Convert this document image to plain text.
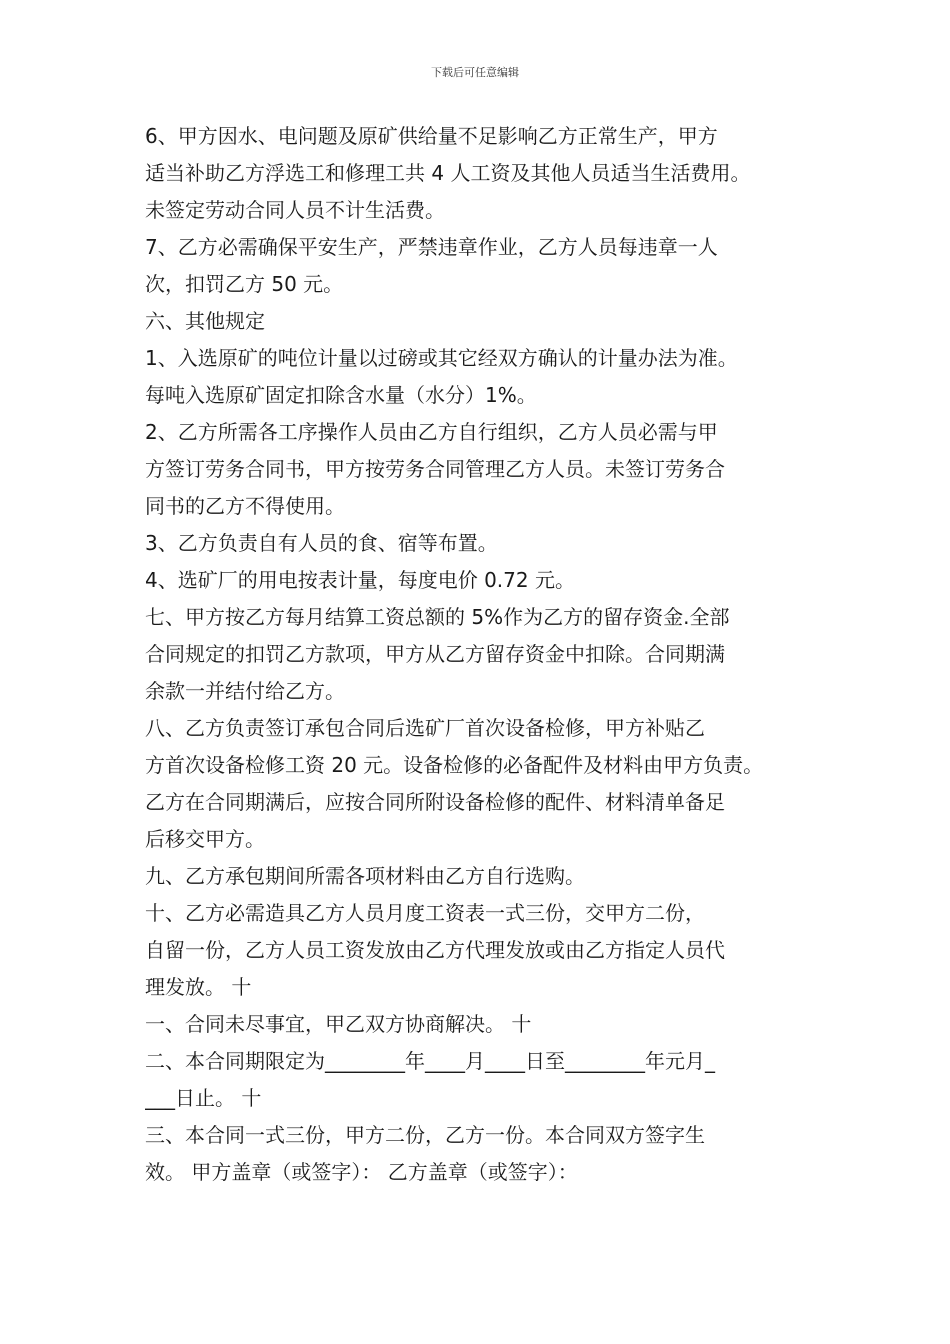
下载后可任意编辑
6、甲方因水、电问题及原矿供给量不足影响乙方正常生产，甲方
适当补助乙方浮选工和修理工共 4 人工资及其他人员适当生活费用。
未签定劳动合同人员不计生活费。
7、乙方必需确保平安生产，严禁违章作业，乙方人员每违章一人
次，扣罚乙方 50 元。
六、其他规定
1、入选原矿的吨位计量以过磅或其它经双方确认的计量办法为准。
每吨入选原矿固定扣除含水量（水分）1%。
2、乙方所需各工序操作人员由乙方自行组织，乙方人员必需与甲
方签订劳务合同书，甲方按劳务合同管理乙方人员。未签订劳务合
同书的乙方不得使用。
3、乙方负责自有人员的食、宿等布置。
4、选矿厂的用电按表计量，每度电价 0.72 元。
七、甲方按乙方每月结算工资总额的 5%作为乙方的留存资金.全部
合同规定的扣罚乙方款项，甲方从乙方留存资金中扣除。合同期满
余款一并结付给乙方。
八、乙方负责签订承包合同后选矿厂首次设备检修，甲方补贴乙
方首次设备检修工资 20 元。设备检修的必备配件及材料由甲方负责。
乙方在合同期满后，应按合同所附设备检修的配件、材料清单备足
后移交甲方。
九、乙方承包期间所需各项材料由乙方自行选购。
十、乙方必需造具乙方人员月度工资表一式三份，交甲方二份，
自留一份，乙方人员工资发放由乙方代理发放或由乙方指定人员代
理发放。 十
一、合同未尽事宜，甲乙双方协商解决。 十
二、本合同期限定为________年____月____日至________年元月_
___日止。 十
三、本合同一式三份，甲方二份，乙方一份。本合同双方签字生
效。 甲方盖章（或签字）： 乙方盖章（或签字）：
